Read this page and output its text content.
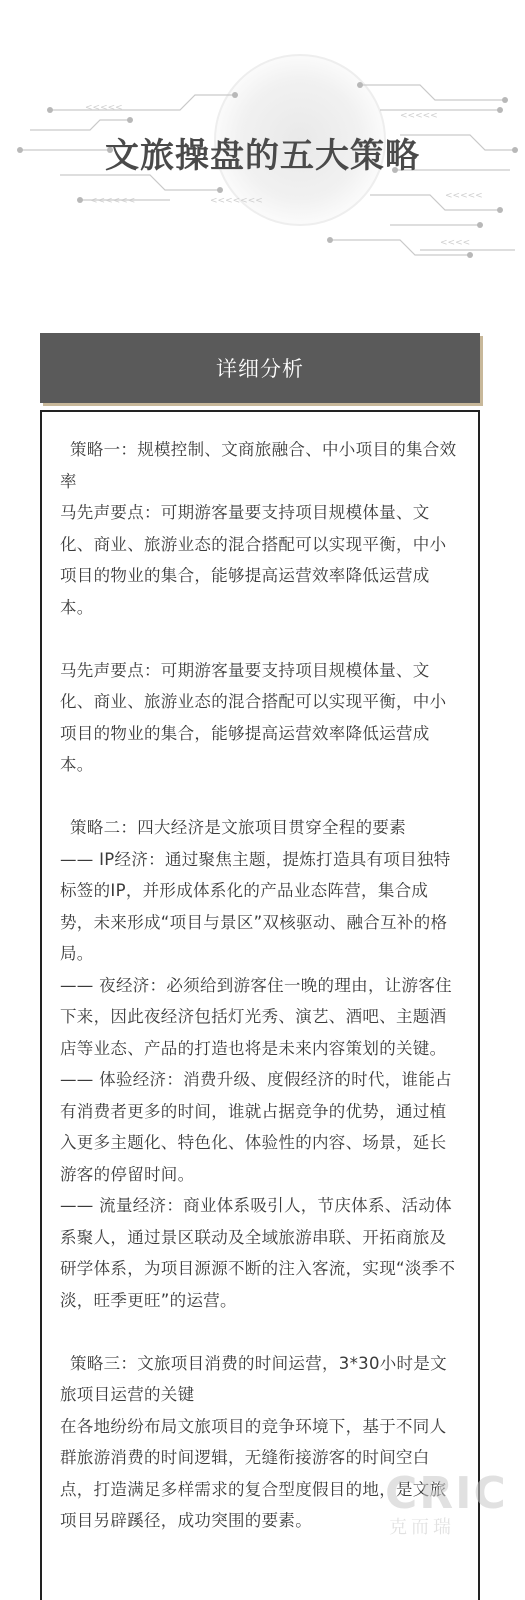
<<<<<
<<<<<<	<<<<<<<
<<<<<
<<<<<
<<<<
文旅操盘的五大策略
详细分析
策略一：规模控制、文商旅融合、中小项目的集合效率
马先声要点：可期游客量要支持项目规模体量、文化、商业、旅游业态的混合搭配可以实现平衡，中小项目的物业的集合，能够提高运营效率降低运营成本。
马先声要点：可期游客量要支持项目规模体量、文化、商业、旅游业态的混合搭配可以实现平衡，中小项目的物业的集合，能够提高运营效率降低运营成本。
策略二：四大经济是文旅项目贯穿全程的要素
—— IP经济：通过聚焦主题，提炼打造具有项目独特标签的IP，并形成体系化的产品业态阵营，集合成势，未来形成“项目与景区”双核驱动、融合互补的格局。
—— 夜经济：必须给到游客住一晚的理由，让游客住下来，因此夜经济包括灯光秀、演艺、酒吧、主题酒店等业态、产品的打造也将是未来内容策划的关键。
—— 体验经济：消费升级、度假经济的时代，谁能占有消费者更多的时间，谁就占据竞争的优势，通过植入更多主题化、特色化、体验性的内容、场景，延长游客的停留时间。
—— 流量经济：商业体系吸引人，节庆体系、活动体系聚人，通过景区联动及全域旅游串联、开拓商旅及研学体系，为项目源源不断的注入客流，实现“淡季不淡，旺季更旺”的运营。
策略三：文旅项目消费的时间运营，3*30小时是文旅项目运营的关键
在各地纷纷布局文旅项目的竞争环境下，基于不同人群旅游消费的时间逻辑，无缝衔接游客的时间空白点，打造满足多样需求的复合型度假目的地，是文旅项目另辟蹊径，成功突围的要素。
CRIC
克而瑞
